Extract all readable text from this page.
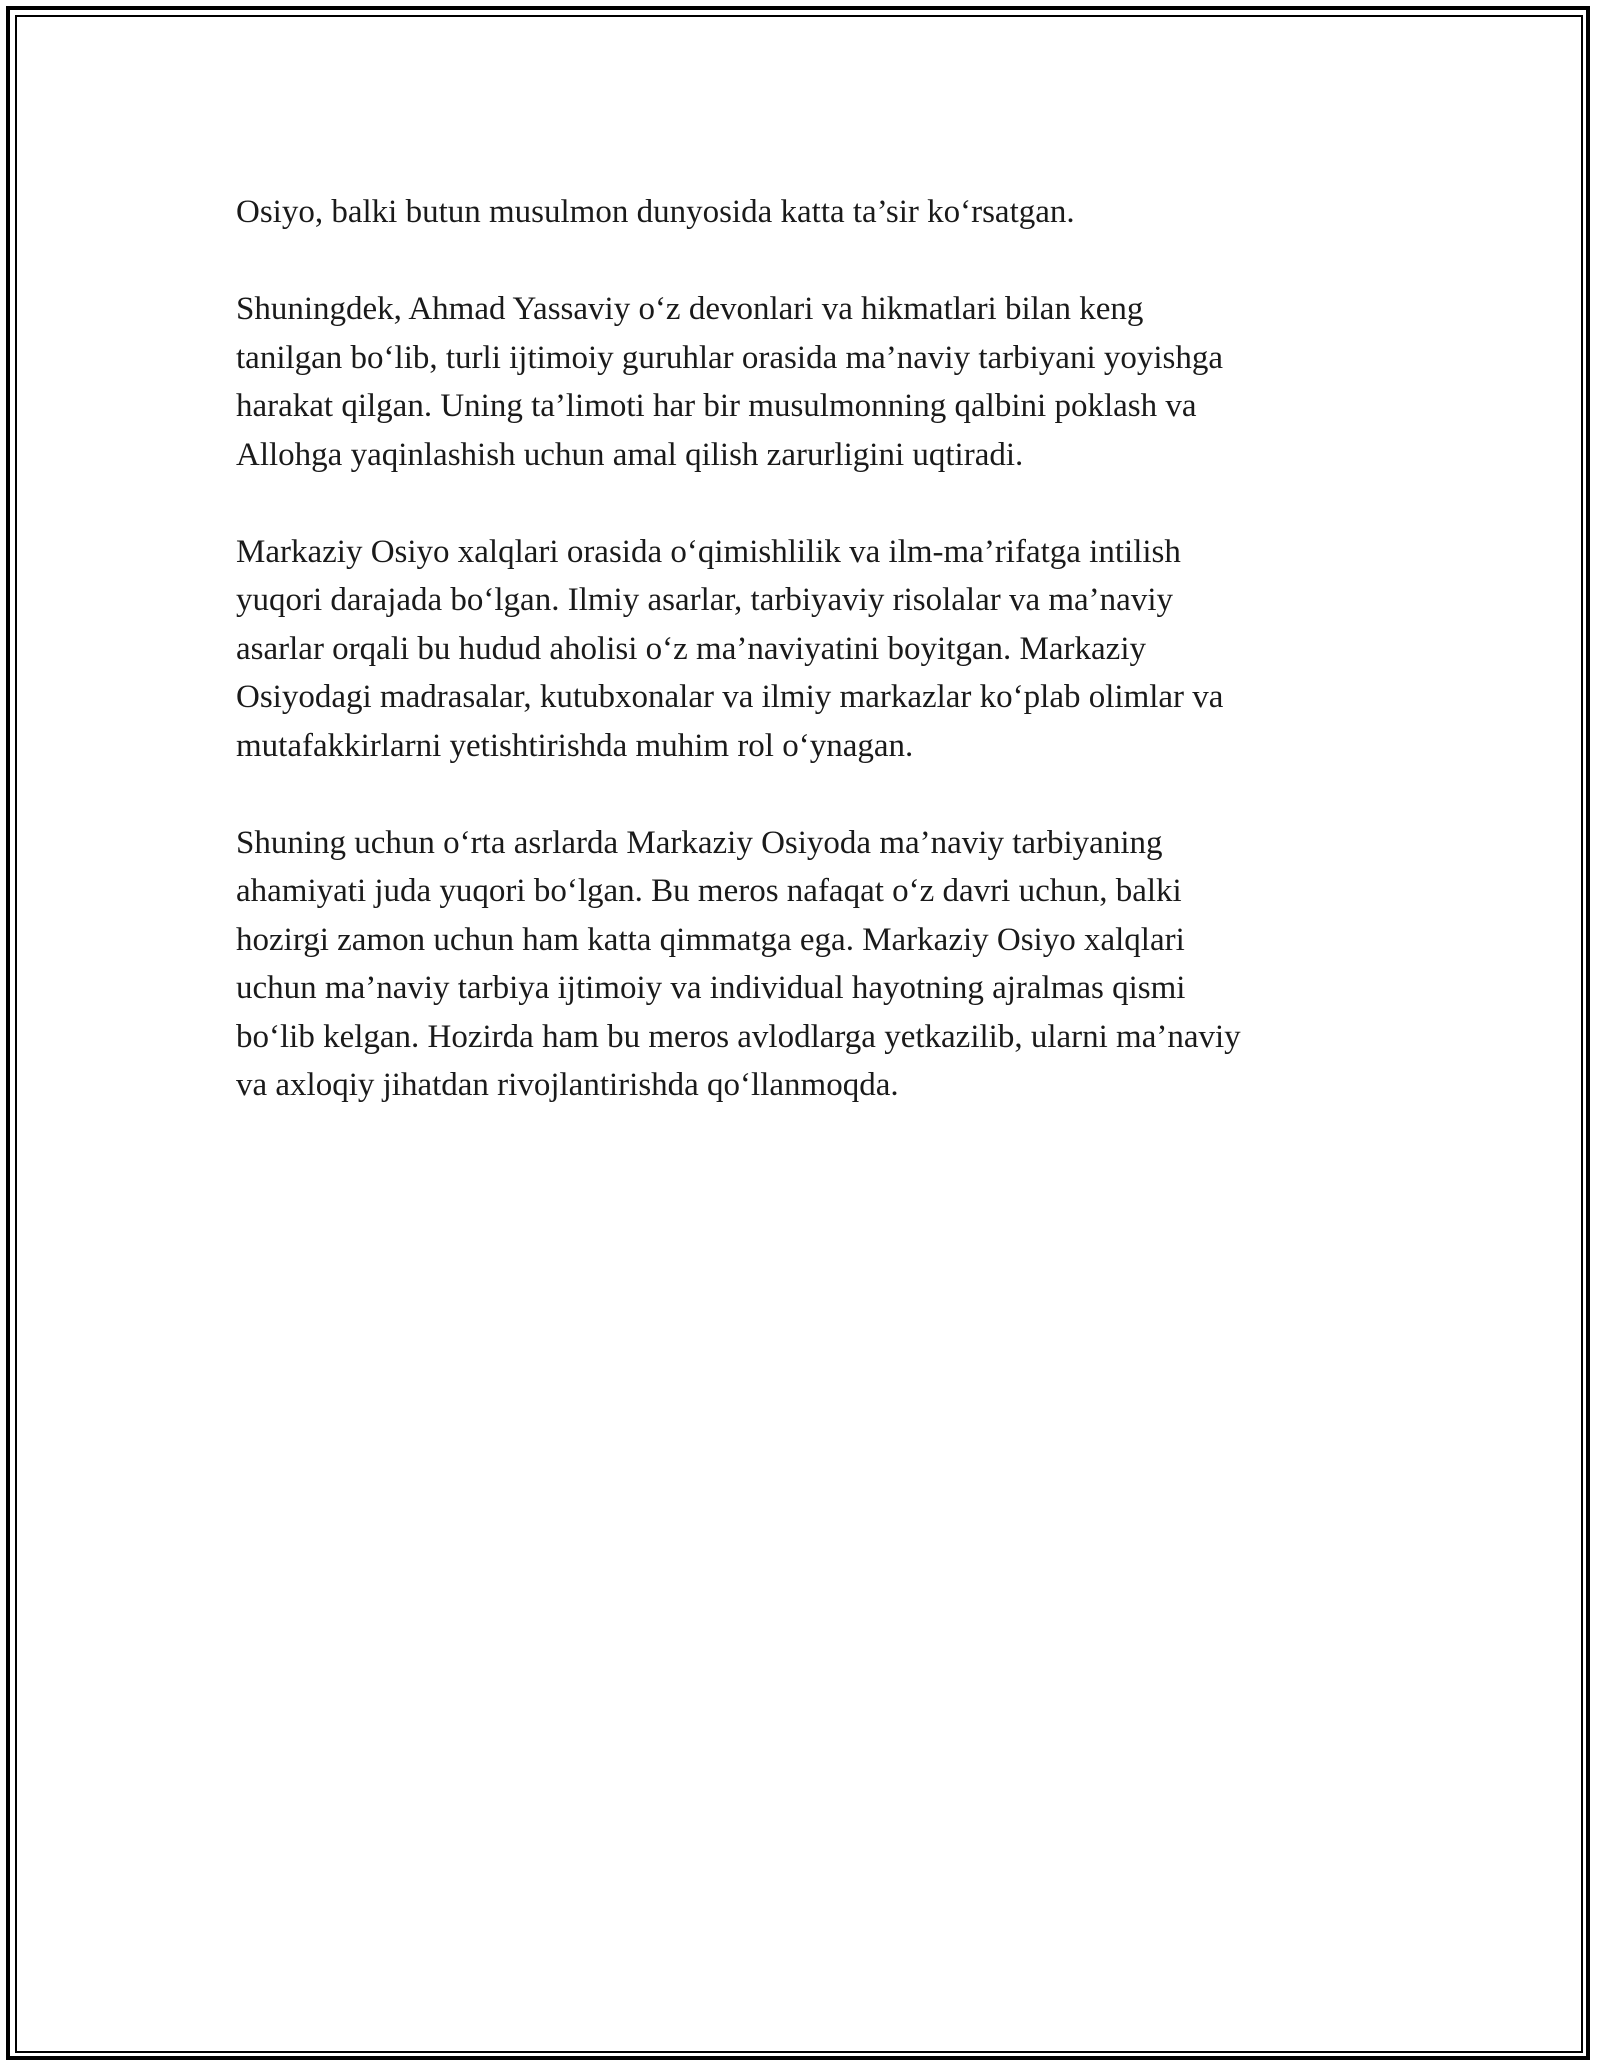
Osiyo, balki butun musulmon dunyosida katta ta’sir ko‘rsatgan.

Shuningdek, Ahmad Yassaviy o‘z devonlari va hikmatlari bilan keng
tanilgan bo‘lib, turli ijtimoiy guruhlar orasida ma’naviy tarbiyani yoyishga
harakat qilgan. Uning ta’limoti har bir musulmonning qalbini poklash va
Allohga yaqinlashish uchun amal qilish zarurligini uqtiradi.

Markaziy Osiyo xalqlari orasida o‘qimishlilik va ilm-ma’rifatga intilish
yuqori darajada bo‘lgan. Ilmiy asarlar, tarbiyaviy risolalar va ma’naviy
asarlar orqali bu hudud aholisi o‘z ma’naviyatini boyitgan. Markaziy
Osiyodagi madrasalar, kutubxonalar va ilmiy markazlar ko‘plab olimlar va
mutafakkirlarni yetishtirishda muhim rol o‘ynagan.

Shuning uchun o‘rta asrlarda Markaziy Osiyoda ma’naviy tarbiyaning
ahamiyati juda yuqori bo‘lgan. Bu meros nafaqat o‘z davri uchun, balki
hozirgi zamon uchun ham katta qimmatga ega. Markaziy Osiyo xalqlari
uchun ma’naviy tarbiya ijtimoiy va individual hayotning ajralmas qismi
bo‘lib kelgan. Hozirda ham bu meros avlodlarga yetkazilib, ularni ma’naviy
va axloqiy jihatdan rivojlantirishda qo‘llanmoqda.
